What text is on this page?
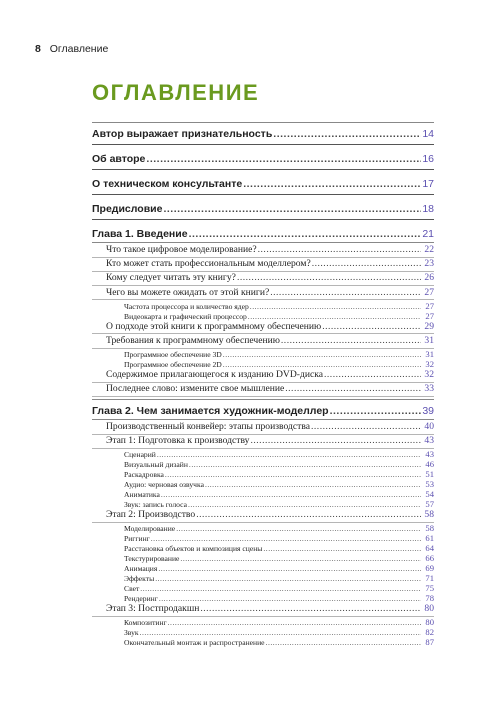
8 Оглавление
ОГЛАВЛЕНИЕ
Автор выражает признательность .....	14
Об авторе .....	16
О техническом консультанте .....	17
Предисловие .....	18
Глава 1. Введение .....	21
Что такое цифровое моделирование? .....	22
Кто может стать профессиональным моделлером? .....	23
Кому следует читать эту книгу? .....	26
Чего вы можете ожидать от этой книги? .....	27
Частота процессора и количество ядер .....	27
Видеокарта и графический процессор .....	27
О подходе этой книги к программному обеспечению .....	29
Требования к программному обеспечению .....	31
Программное обеспечение 3D .....	31
Программное обеспечение 2D .....	32
Содержимое прилагающегося к изданию DVD-диска .....	32
Последнее слово: измените свое мышление .....	33
Глава 2. Чем занимается художник-моделлер .....	39
Производственный конвейер: этапы производства .....	40
Этап 1: Подготовка к производству .....	43
Сценарий .....	43
Визуальный дизайн .....	46
Раскадровка .....	51
Аудио: черновая озвучка .....	53
Аниматика .....	54
Звук: запись голоса .....	57
Этап 2: Производство .....	58
Моделирование .....	58
Риггинг .....	61
Расстановка объектов и композиция сцены .....	64
Текстурирование .....	66
Анимация .....	69
Эффекты .....	71
Свет .....	75
Рендеринг .....	78
Этап 3: Постпродакшн .....	80
Композитинг .....	80
Звук .....	82
Окончательный монтаж и распространение .....	87
